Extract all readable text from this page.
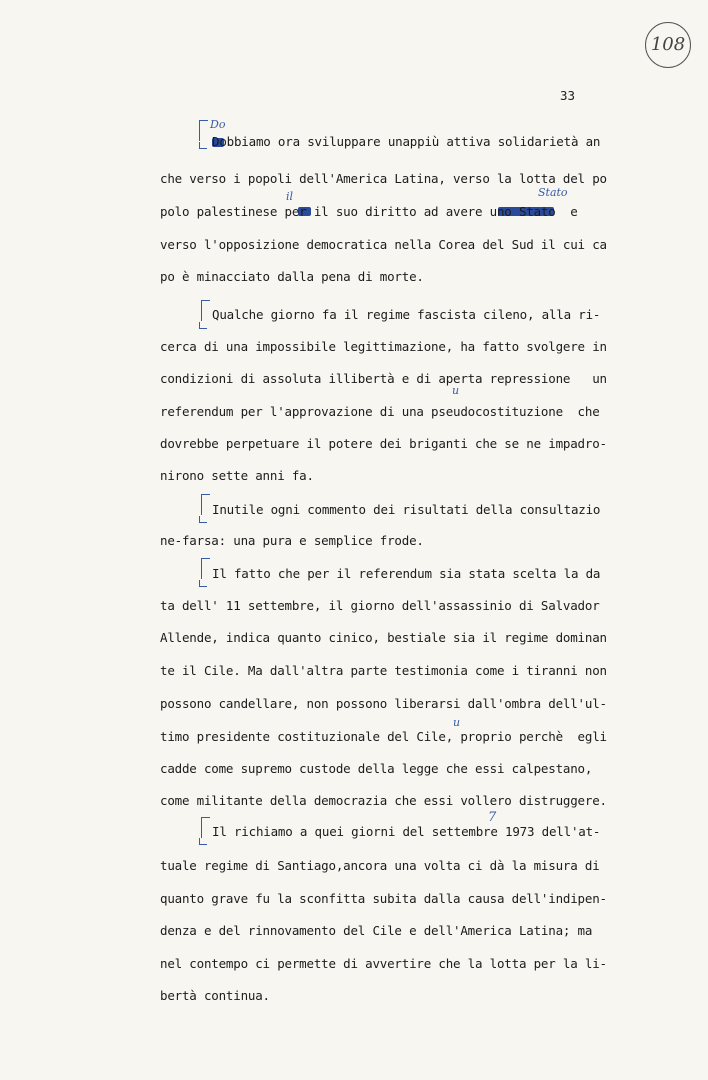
108
33
Do
il	Stato
u
u
7
Dobbiamo ora sviluppare unappiù attiva solidarietà an
che verso i popoli dell'America Latina, verso la lotta del po
polo palestinese per il suo diritto ad avere uno Stato  e
verso l'opposizione democratica nella Corea del Sud il cui ca
po è minacciato dalla pena di morte.
Qualche giorno fa il regime fascista cileno, alla ri-
cerca di una impossibile legittimazione, ha fatto svolgere in
condizioni di assoluta illibertà e di aperta repressione   un
referendum per l'approvazione di una pseudocostituzione  che
dovrebbe perpetuare il potere dei briganti che se ne impadro-
nirono sette anni fa.
Inutile ogni commento dei risultati della consultazio
ne-farsa: una pura e semplice frode.
Il fatto che per il referendum sia stata scelta la da
ta dell' 11 settembre, il giorno dell'assassinio di Salvador
Allende, indica quanto cinico, bestiale sia il regime dominan
te il Cile. Ma dall'altra parte testimonia come i tiranni non
possono candellare, non possono liberarsi dall'ombra dell'ul-
timo presidente costituzionale del Cile, proprio perchè  egli
cadde come supremo custode della legge che essi calpestano,
come militante della democrazia che essi vollero distruggere.
Il richiamo a quei giorni del settembre 1973 dell'at-
tuale regime di Santiago,ancora una volta ci dà la misura di
quanto grave fu la sconfitta subita dalla causa dell'indipen-
denza e del rinnovamento del Cile e dell'America Latina; ma
nel contempo ci permette di avvertire che la lotta per la li-
bertà continua.
